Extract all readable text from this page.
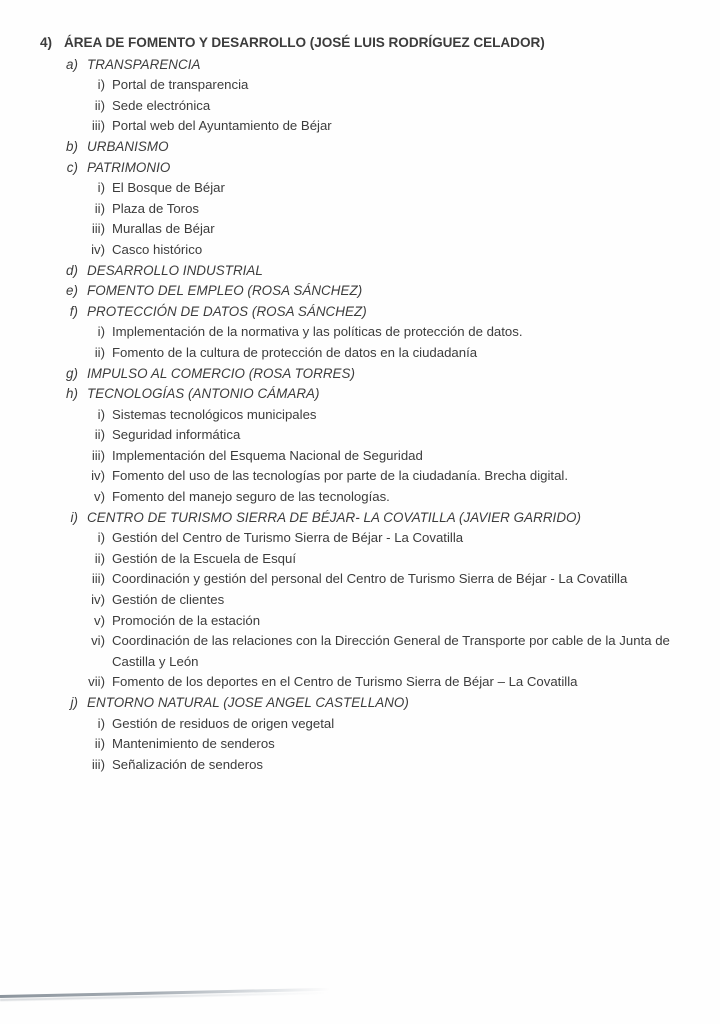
4) ÁREA DE FOMENTO Y DESARROLLO (JOSÉ LUIS RODRÍGUEZ CELADOR)
a) TRANSPARENCIA
i) Portal de transparencia
ii) Sede electrónica
iii) Portal web del Ayuntamiento de Béjar
b) URBANISMO
c) PATRIMONIO
i) El Bosque de Béjar
ii) Plaza de Toros
iii) Murallas de Béjar
iv) Casco histórico
d) DESARROLLO INDUSTRIAL
e) FOMENTO DEL EMPLEO (ROSA SÁNCHEZ)
f) PROTECCIÓN DE DATOS (ROSA SÁNCHEZ)
i) Implementación de la normativa y las políticas de protección de datos.
ii) Fomento de la cultura de protección de datos en la ciudadanía
g) IMPULSO AL COMERCIO (ROSA TORRES)
h) TECNOLOGÍAS (ANTONIO CÁMARA)
i) Sistemas tecnológicos municipales
ii) Seguridad informática
iii) Implementación del Esquema Nacional de Seguridad
iv) Fomento del uso de las tecnologías por parte de la ciudadanía. Brecha digital.
v) Fomento del manejo seguro de las tecnologías.
i) CENTRO DE TURISMO SIERRA DE BÉJAR- LA COVATILLA (JAVIER GARRIDO)
i) Gestión del Centro de Turismo Sierra de Béjar - La Covatilla
ii) Gestión de la Escuela de Esquí
iii) Coordinación y gestión del personal del Centro de Turismo Sierra de Béjar - La Covatilla
iv) Gestión de clientes
v) Promoción de la estación
vi) Coordinación de las relaciones con la Dirección General de Transporte por cable de la Junta de Castilla y León
vii) Fomento de los deportes en el Centro de Turismo Sierra de Béjar – La Covatilla
j) ENTORNO NATURAL (JOSE ANGEL CASTELLANO)
i) Gestión de residuos de origen vegetal
ii) Mantenimiento de senderos
iii) Señalización de senderos
